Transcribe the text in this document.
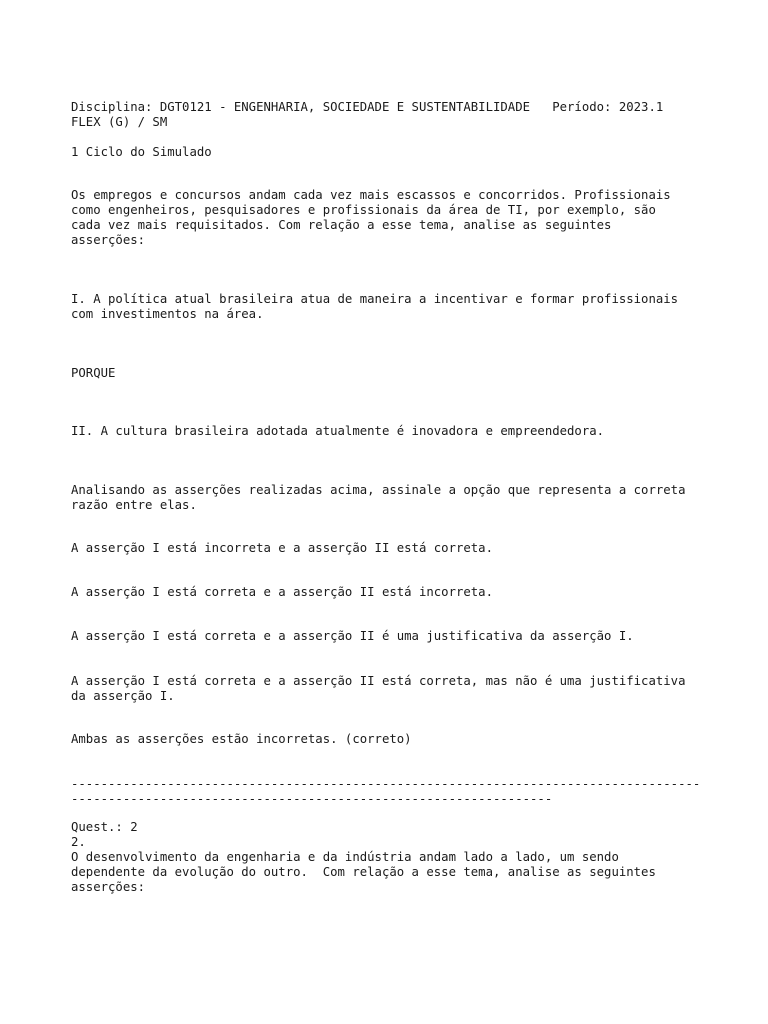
Disciplina: DGT0121 - ENGENHARIA, SOCIEDADE E SUSTENTABILIDADE   Período: 2023.1
FLEX (G) / SM
1 Ciclo do Simulado
Os empregos e concursos andam cada vez mais escassos e concorridos. Profissionais
como engenheiros, pesquisadores e profissionais da área de TI, por exemplo, são
cada vez mais requisitados. Com relação a esse tema, analise as seguintes
asserções:
I. A política atual brasileira atua de maneira a incentivar e formar profissionais
com investimentos na área.
PORQUE
II. A cultura brasileira adotada atualmente é inovadora e empreendedora.
Analisando as asserções realizadas acima, assinale a opção que representa a correta
razão entre elas.
A asserção I está incorreta e a asserção II está correta.
A asserção I está correta e a asserção II está incorreta.
A asserção I está correta e a asserção II é uma justificativa da asserção I.
A asserção I está correta e a asserção II está correta, mas não é uma justificativa
da asserção I.
Ambas as asserções estão incorretas. (correto)
-------------------------------------------------------------------------------------
-----------------------------------------------------------------
Quest.: 2
2.
O desenvolvimento da engenharia e da indústria andam lado a lado, um sendo
dependente da evolução do outro.  Com relação a esse tema, analise as seguintes
asserções:
